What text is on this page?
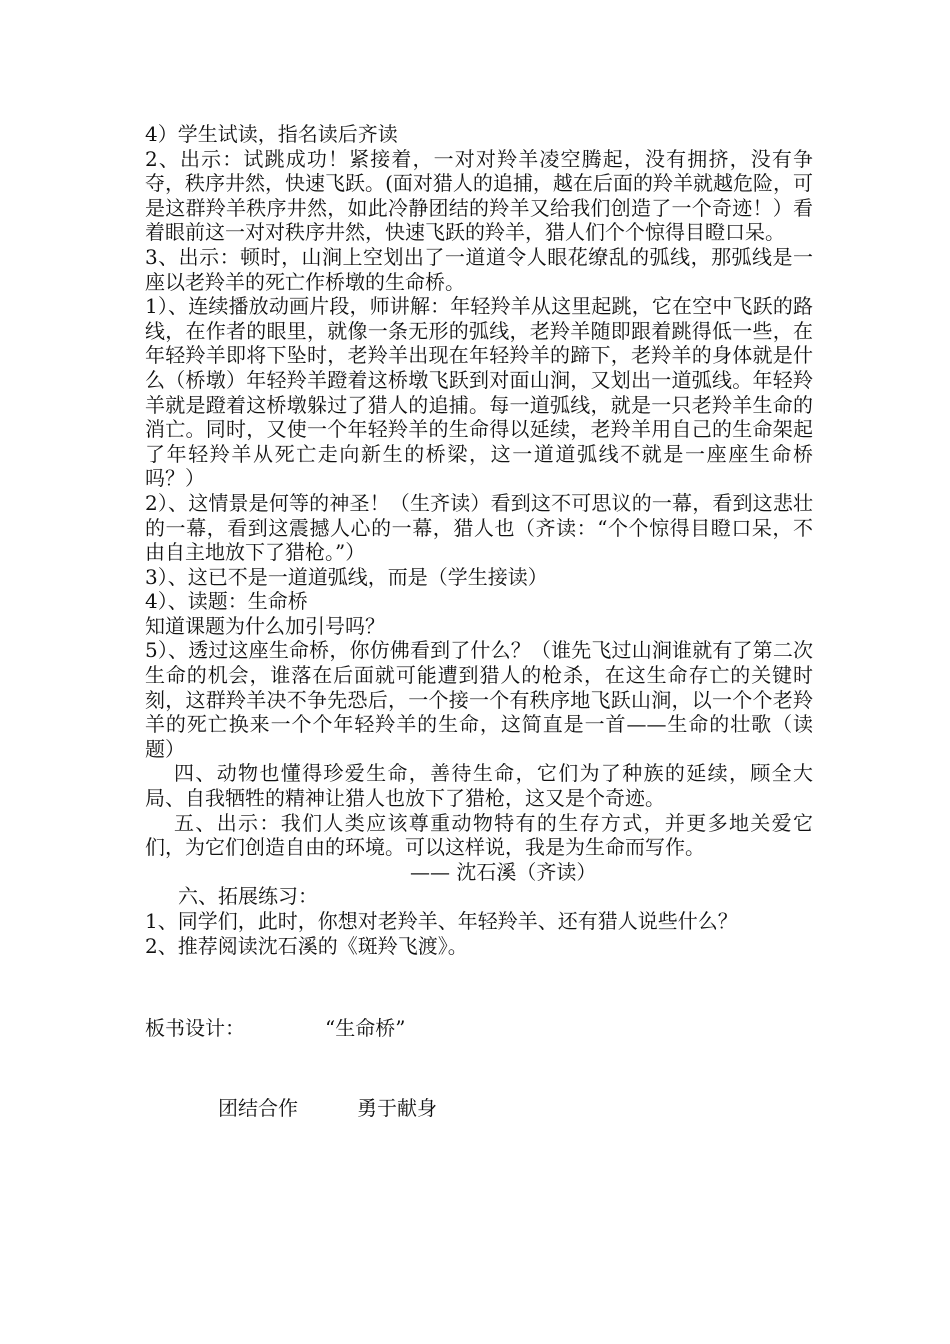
4）学生试读，指名读后齐读

2、出示：试跳成功！紧接着，一对对羚羊凌空腾起，没有拥挤，没有争夺，秩序井然，快速飞跃。(面对猎人的追捕，越在后面的羚羊就越危险，可是这群羚羊秩序井然，如此冷静团结的羚羊又给我们创造了一个奇迹！）看着眼前这一对对秩序井然，快速飞跃的羚羊，猎人们个个惊得目瞪口呆。

3、出示：顿时，山涧上空划出了一道道令人眼花缭乱的弧线，那弧线是一座以老羚羊的死亡作桥墩的生命桥。

1）、连续播放动画片段，师讲解：年轻羚羊从这里起跳，它在空中飞跃的路线，在作者的眼里，就像一条无形的弧线，老羚羊随即跟着跳得低一些，在年轻羚羊即将下坠时，老羚羊出现在年轻羚羊的蹄下，老羚羊的身体就是什么（桥墩）年轻羚羊蹬着这桥墩飞跃到对面山涧，又划出一道弧线。年轻羚羊就是蹬着这桥墩躲过了猎人的追捕。每一道弧线，就是一只老羚羊生命的消亡。同时，又使一个年轻羚羊的生命得以延续，老羚羊用自己的生命架起了年轻羚羊从死亡走向新生的桥梁，这一道道弧线不就是一座座生命桥吗？）

2）、这情景是何等的神圣！（生齐读）看到这不可思议的一幕，看到这悲壮的一幕，看到这震撼人心的一幕，猎人也（齐读：“个个惊得目瞪口呆，不由自主地放下了猎枪。”）

3）、这已不是一道道弧线，而是（学生接读）

4）、读题：生命桥

知道课题为什么加引号吗？

5）、透过这座生命桥，你仿佛看到了什么？（谁先飞过山涧谁就有了第二次生命的机会，谁落在后面就可能遭到猎人的枪杀，在这生命存亡的关键时刻，这群羚羊决不争先恐后，一个接一个有秩序地飞跃山涧，以一个个老羚羊的死亡换来一个个年轻羚羊的生命，这简直是一首——生命的壮歌（读题）

四、动物也懂得珍爱生命，善待生命，它们为了种族的延续，顾全大局、自我牺牲的精神让猎人也放下了猎枪，这又是个奇迹。

五、出示：我们人类应该尊重动物特有的生存方式，并更多地关爱它们，为它们创造自由的环境。可以这样说，我是为生命而写作。

—— 沈石溪（齐读）

六、拓展练习：

1、同学们，此时，你想对老羚羊、年轻羚羊、还有猎人说些什么？

2、推荐阅读沈石溪的《斑羚飞渡》。

板书设计：	“生命桥”
团结合作	勇于献身
